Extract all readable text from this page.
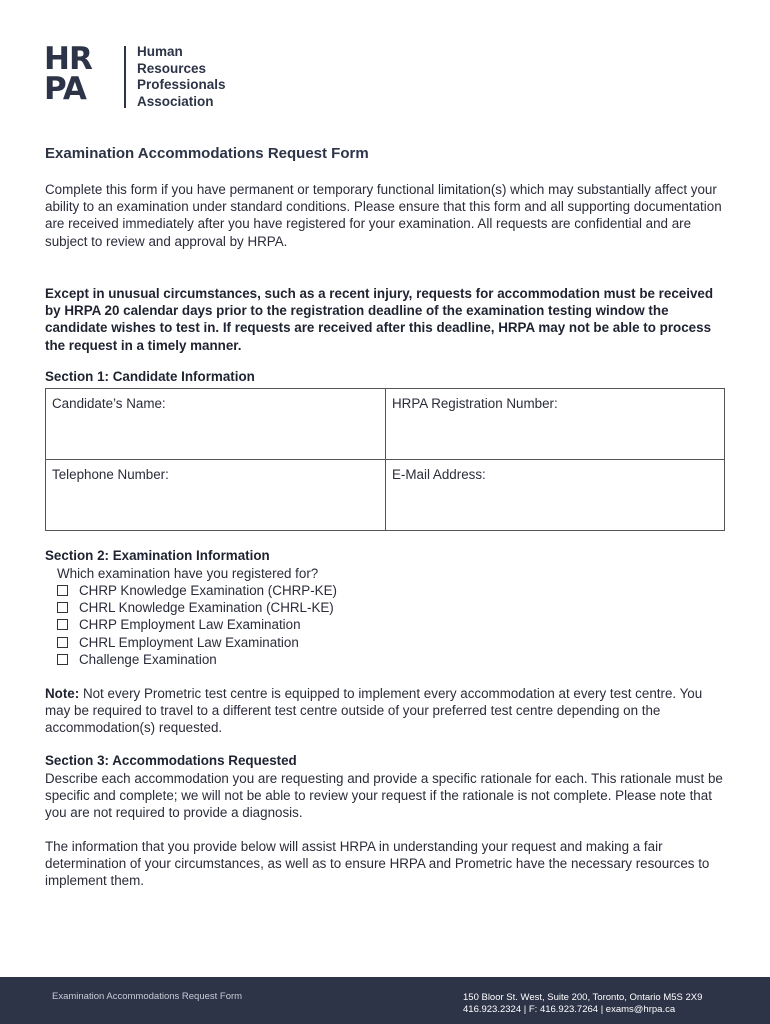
HR
PA
Human
Resources
Professionals
Association
Examination Accommodations Request Form
Complete this form if you have permanent or temporary functional limitation(s) which may substantially affect your ability to an examination under standard conditions. Please ensure that this form and all supporting documentation are received immediately after you have registered for your examination. All requests are confidential and are subject to review and approval by HRPA.
Except in unusual circumstances, such as a recent injury, requests for accommodation must be received by HRPA 20 calendar days prior to the registration deadline of the examination testing window the candidate wishes to test in. If requests are received after this deadline, HRPA may not be able to process the request in a timely manner.
Section 1: Candidate Information
Candidate’s Name:	HRPA Registration Number:
Telephone Number:	E-Mail Address:
Section 2: Examination Information
Which examination have you registered for?
CHRP Knowledge Examination (CHRP-KE)
CHRL Knowledge Examination (CHRL-KE)
CHRP Employment Law Examination
CHRL Employment Law Examination
Challenge Examination
Note: Not every Prometric test centre is equipped to implement every accommodation at every test centre. You may be required to travel to a different test centre outside of your preferred test centre depending on the accommodation(s) requested.
Section 3: Accommodations Requested
Describe each accommodation you are requesting and provide a specific rationale for each. This rationale must be specific and complete; we will not be able to review your request if the rationale is not complete. Please note that you are not required to provide a diagnosis.
The information that you provide below will assist HRPA in understanding your request and making a fair determination of your circumstances, as well as to ensure HRPA and Prometric have the necessary resources to implement them.
Examination Accommodations Request Form	150 Bloor St. West, Suite 200, Toronto, Ontario M5S 2X9
416.923.2324 | F: 416.923.7264 | exams@hrpa.ca
